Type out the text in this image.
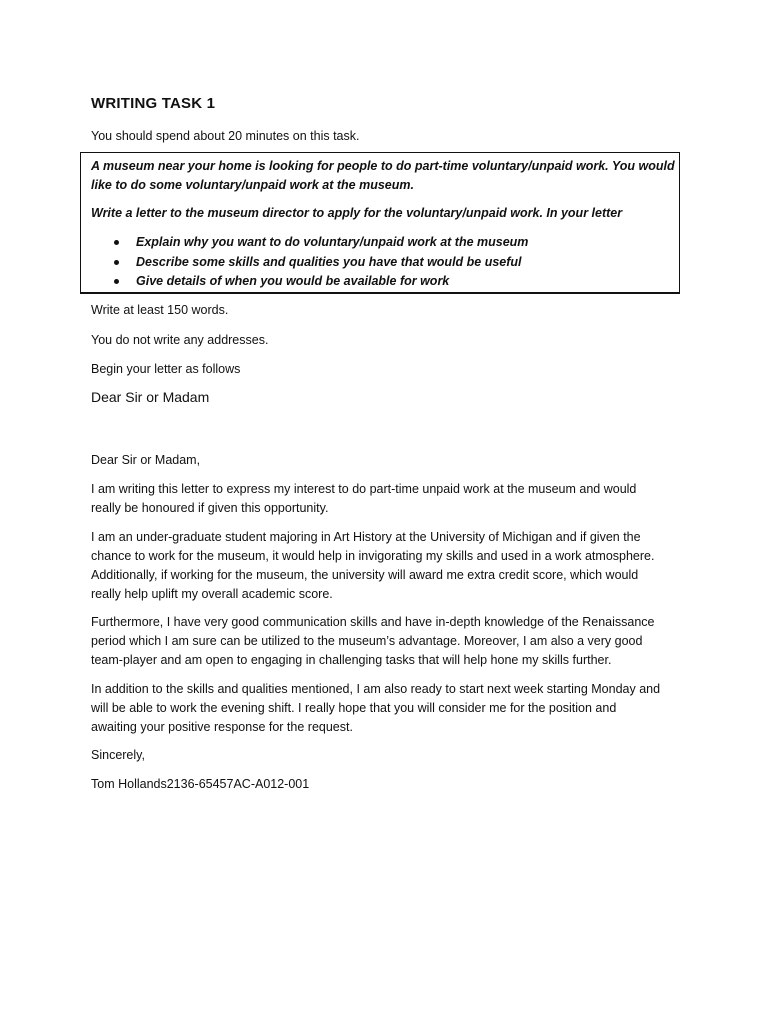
WRITING TASK 1
You should spend about 20 minutes on this task.
A museum near your home is looking for people to do part-time voluntary/unpaid work. You would
like to do some voluntary/unpaid work at the museum.
Write a letter to the museum director to apply for the voluntary/unpaid work. In your letter
Explain why you want to do voluntary/unpaid work at the museum
Describe some skills and qualities you have that would be useful
Give details of when you would be available for work
Write at least 150 words.
You do not write any addresses.
Begin your letter as follows
Dear Sir or Madam
Dear Sir or Madam,
I am writing this letter to express my interest to do part-time unpaid work at the museum and would
really be honoured if given this opportunity.
I am an under-graduate student majoring in Art History at the University of Michigan and if given the
chance to work for the museum, it would help in invigorating my skills and used in a work atmosphere.
Additionally, if working for the museum, the university will award me extra credit score, which would
really help uplift my overall academic score.
Furthermore, I have very good communication skills and have in-depth knowledge of the Renaissance
period which I am sure can be utilized to the museum’s advantage. Moreover, I am also a very good
team-player and am open to engaging in challenging tasks that will help hone my skills further.
In addition to the skills and qualities mentioned, I am also ready to start next week starting Monday and
will be able to work the evening shift. I really hope that you will consider me for the position and
awaiting your positive response for the request.
Sincerely,
Tom Hollands2136-65457AC-A012-001
